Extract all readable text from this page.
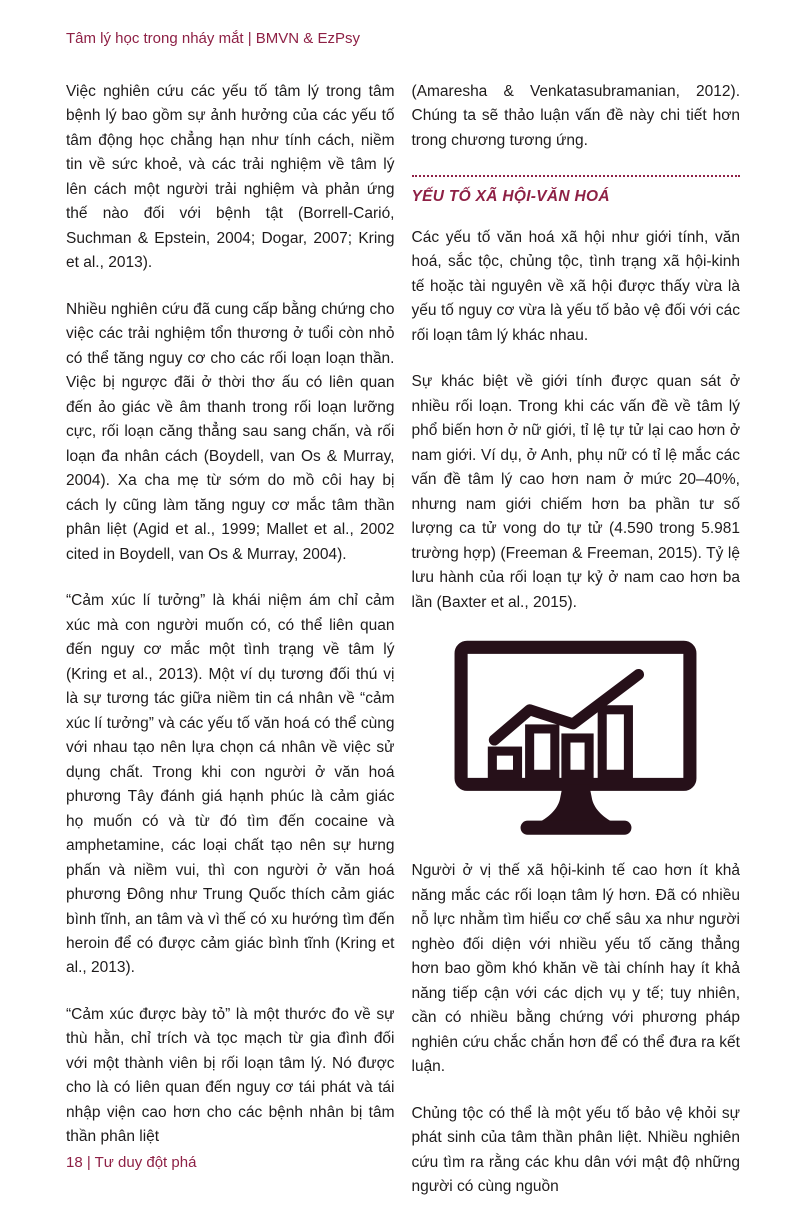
Tâm lý học trong nháy mắt | BMVN & EzPsy

Việc nghiên cứu các yếu tố tâm lý trong tâm bệnh lý bao gồm sự ảnh hưởng của các yếu tố tâm động học chẳng hạn như tính cách, niềm tin về sức khoẻ, và các trải nghiệm về tâm lý lên cách một người trải nghiệm và phản ứng thế nào đối với bệnh tật (Borrell-Carió, Suchman & Epstein, 2004; Dogar, 2007; Kring et al., 2013).

Nhiều nghiên cứu đã cung cấp bằng chứng cho việc các trải nghiệm tổn thương ở tuổi còn nhỏ có thể tăng nguy cơ cho các rối loạn loạn thần. Việc bị ngược đãi ở thời thơ ấu có liên quan đến ảo giác về âm thanh trong rối loạn lưỡng cực, rối loạn căng thẳng sau sang chấn, và rối loạn đa nhân cách (Boydell, van Os & Murray, 2004). Xa cha mẹ từ sớm do mồ côi hay bị cách ly cũng làm tăng nguy cơ mắc tâm thần phân liệt (Agid et al., 1999; Mallet et al., 2002 cited in Boydell, van Os & Murray, 2004).

“Cảm xúc lí tưởng” là khái niệm ám chỉ cảm xúc mà con người muốn có, có thể liên quan đến nguy cơ mắc một tình trạng về tâm lý (Kring et al., 2013). Một ví dụ tương đối thú vị là sự tương tác giữa niềm tin cá nhân về “cảm xúc lí tưởng” và các yếu tố văn hoá có thể cùng với nhau tạo nên lựa chọn cá nhân về việc sử dụng chất. Trong khi con người ở văn hoá phương Tây đánh giá hạnh phúc là cảm giác họ muốn có và từ đó tìm đến cocaine và amphetamine, các loại chất tạo nên sự hưng phấn và niềm vui, thì con người ở văn hoá phương Đông như Trung Quốc thích cảm giác bình tĩnh, an tâm và vì thế có xu hướng tìm đến heroin để có được cảm giác bình tĩnh (Kring et al., 2013).

“Cảm xúc được bày tỏ” là một thước đo về sự thù hằn, chỉ trích và tọc mạch từ gia đình đối với một thành viên bị rối loạn tâm lý. Nó được cho là có liên quan đến nguy cơ tái phát và tái nhập viện cao hơn cho các bệnh nhân bị tâm thần phân liệt

(Amaresha & Venkatasubramanian, 2012). Chúng ta sẽ thảo luận vấn đề này chi tiết hơn trong chương tương ứng.

YẾU TỐ XÃ HỘI-VĂN HOÁ

Các yếu tố văn hoá xã hội như giới tính, văn hoá, sắc tộc, chủng tộc, tình trạng xã hội-kinh tế hoặc tài nguyên về xã hội được thấy vừa là yếu tố nguy cơ vừa là yếu tố bảo vệ đối với các rối loạn tâm lý khác nhau.

Sự khác biệt về giới tính được quan sát ở nhiều rối loạn. Trong khi các vấn đề về tâm lý phổ biến hơn ở nữ giới, tỉ lệ tự tử lại cao hơn ở nam giới. Ví dụ, ở Anh, phụ nữ có tỉ lệ mắc các vấn đề tâm lý cao hơn nam ở mức 20–40%, nhưng nam giới chiếm hơn ba phần tư số lượng ca tử vong do tự tử (4.590 trong 5.981 trường hợp) (Freeman & Freeman, 2015). Tỷ lệ lưu hành của rối loạn tự kỷ ở nam cao hơn ba lần (Baxter et al., 2015).

Người ở vị thế xã hội-kinh tế cao hơn ít khả năng mắc các rối loạn tâm lý hơn. Đã có nhiều nỗ lực nhằm tìm hiểu cơ chế sâu xa như người nghèo đối diện với nhiều yếu tố căng thẳng hơn bao gồm khó khăn về tài chính hay ít khả năng tiếp cận với các dịch vụ y tế; tuy nhiên, cần có nhiều bằng chứng với phương pháp nghiên cứu chắc chắn hơn để có thể đưa ra kết luận.

Chủng tộc có thể là một yếu tố bảo vệ khỏi sự phát sinh của tâm thần phân liệt. Nhiều nghiên cứu tìm ra rằng các khu dân với mật độ những người có cùng nguồn

18 | Tư duy đột phá
